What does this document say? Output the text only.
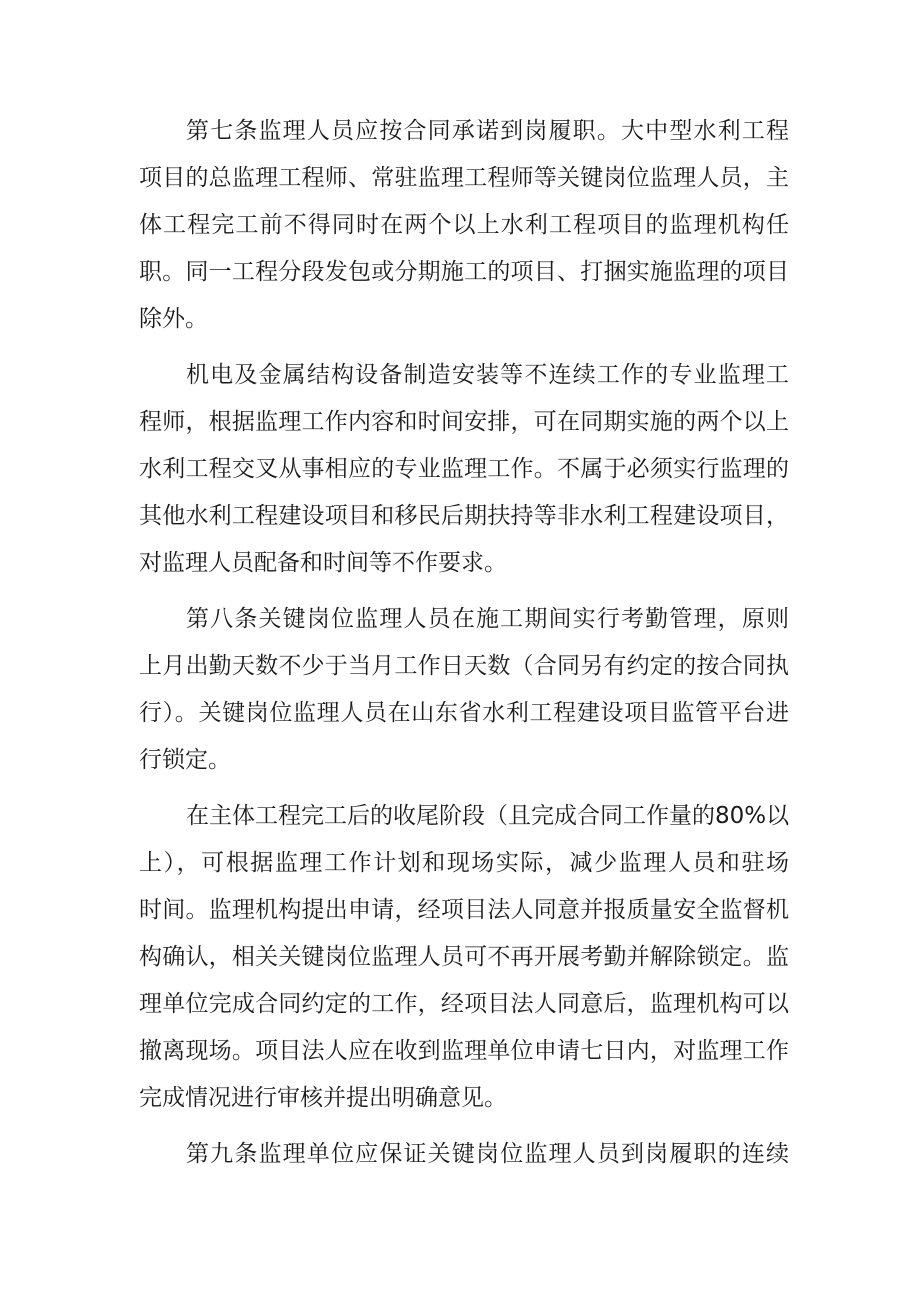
第七条监理人员应按合同承诺到岗履职。大中型水利工程
项目的总监理工程师、常驻监理工程师等关键岗位监理人员，主
体工程完工前不得同时在两个以上水利工程项目的监理机构任
职。同一工程分段发包或分期施工的项目、打捆实施监理的项目
除外。
机电及金属结构设备制造安装等不连续工作的专业监理工
程师，根据监理工作内容和时间安排，可在同期实施的两个以上
水利工程交叉从事相应的专业监理工作。不属于必须实行监理的
其他水利工程建设项目和移民后期扶持等非水利工程建设项目，
对监理人员配备和时间等不作要求。
第八条关键岗位监理人员在施工期间实行考勤管理，原则
上月出勤天数不少于当月工作日天数（合同另有约定的按合同执
行）。关键岗位监理人员在山东省水利工程建设项目监管平台进
行锁定。
在主体工程完工后的收尾阶段（且完成合同工作量的80%以
上），可根据监理工作计划和现场实际，减少监理人员和驻场
时间。监理机构提出申请，经项目法人同意并报质量安全监督机
构确认，相关关键岗位监理人员可不再开展考勤并解除锁定。监
理单位完成合同约定的工作，经项目法人同意后，监理机构可以
撤离现场。项目法人应在收到监理单位申请七日内，对监理工作
完成情况进行审核并提出明确意见。
第九条监理单位应保证关键岗位监理人员到岗履职的连续
